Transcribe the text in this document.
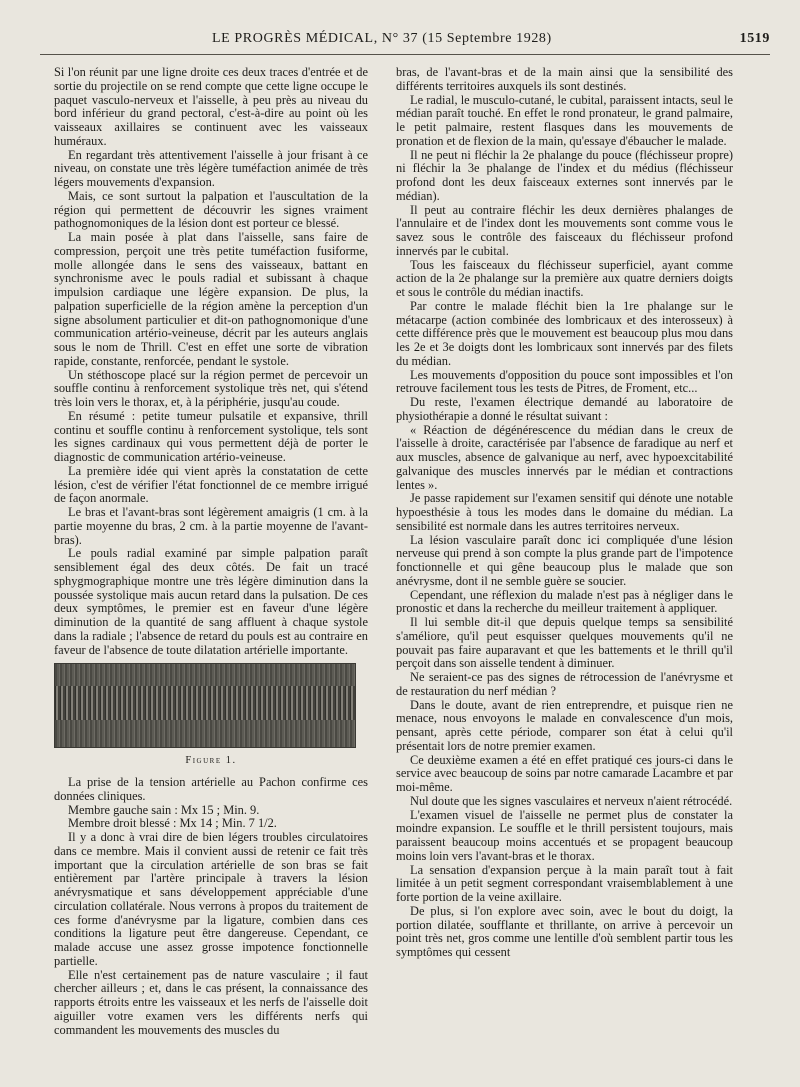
LE PROGRÈS MÉDICAL, N° 37 (15 Septembre 1928)	1519

Si l'on réunit par une ligne droite ces deux traces d'entrée et de sortie du projectile on se rend compte que cette ligne occupe le paquet vasculo-nerveux et l'aisselle, à peu près au niveau du bord inférieur du grand pectoral, c'est-à-dire au point où les vaisseaux axillaires se continuent avec les vaisseaux huméraux.

En regardant très attentivement l'aisselle à jour frisant à ce niveau, on constate une très légère tuméfaction animée de très légers mouvements d'expansion.

Mais, ce sont surtout la palpation et l'auscultation de la région qui permettent de découvrir les signes vraiment pathognomoniques de la lésion dont est porteur ce blessé.

La main posée à plat dans l'aisselle, sans faire de compression, perçoit une très petite tuméfaction fusiforme, molle allongée dans le sens des vaisseaux, battant en synchronisme avec le pouls radial et subissant à chaque impulsion cardiaque une légère expansion. De plus, la palpation superficielle de la région amène la perception d'un signe absolument particulier et dit-on pathognomonique d'une communication artério-veineuse, décrit par les auteurs anglais sous le nom de Thrill. C'est en effet une sorte de vibration rapide, constante, renforcée, pendant le systole.

Un stéthoscope placé sur la région permet de percevoir un souffle continu à renforcement systolique très net, qui s'étend très loin vers le thorax, et, à la périphérie, jusqu'au coude.

En résumé : petite tumeur pulsatile et expansive, thrill continu et souffle continu à renforcement systolique, tels sont les signes cardinaux qui vous permettent déjà de porter le diagnostic de communication artério-veineuse.

La première idée qui vient après la constatation de cette lésion, c'est de vérifier l'état fonctionnel de ce membre irrigué de façon anormale.

Le bras et l'avant-bras sont légèrement amaigris (1 cm. à la partie moyenne du bras, 2 cm. à la partie moyenne de l'avant-bras).

Le pouls radial examiné par simple palpation paraît sensiblement égal des deux côtés. De fait un tracé sphygmographique montre une très légère diminution dans la poussée systolique mais aucun retard dans la pulsation. De ces deux symptômes, le premier est en faveur d'une légère diminution de la quantité de sang affluent à chaque systole dans la radiale ; l'absence de retard du pouls est au contraire en faveur de l'absence de toute dilatation artérielle importante.

Figure 1.

La prise de la tension artérielle au Pachon confirme ces données cliniques.

Membre gauche sain : Mx 15 ; Min. 9.

Membre droit blessé : Mx 14 ; Min. 7 1/2.

Il y a donc à vrai dire de bien légers troubles circulatoires dans ce membre. Mais il convient aussi de retenir ce fait très important que la circulation artérielle de son bras se fait entièrement par l'artère principale à travers la lésion anévrysmatique et sans développement appréciable d'une circulation collatérale. Nous verrons à propos du traitement de ces forme d'anévrysme par la ligature, combien dans ces conditions la ligature peut être dangereuse. Cependant, ce malade accuse une assez grosse impotence fonctionnelle partielle.

Elle n'est certainement pas de nature vasculaire ; il faut chercher ailleurs ; et, dans le cas présent, la connaissance des rapports étroits entre les vaisseaux et les nerfs de l'aisselle doit aiguiller votre examen vers les différents nerfs qui commandent les mouvements des muscles du

bras, de l'avant-bras et de la main ainsi que la sensibilité des différents territoires auxquels ils sont destinés.

Le radial, le musculo-cutané, le cubital, paraissent intacts, seul le médian paraît touché. En effet le rond pronateur, le grand palmaire, le petit palmaire, restent flasques dans les mouvements de pronation et de flexion de la main, qu'essaye d'ébaucher le malade.

Il ne peut ni fléchir la 2e phalange du pouce (fléchisseur propre) ni fléchir la 3e phalange de l'index et du médius (fléchisseur profond dont les deux faisceaux externes sont innervés par le médian).

Il peut au contraire fléchir les deux dernières phalanges de l'annulaire et de l'index dont les mouvements sont comme vous le savez sous le contrôle des faisceaux du fléchisseur profond innervés par le cubital.

Tous les faisceaux du fléchisseur superficiel, ayant comme action de la 2e phalange sur la première aux quatre derniers doigts et sous le contrôle du médian inactifs.

Par contre le malade fléchit bien la 1re phalange sur le métacarpe (action combinée des lombricaux et des interosseux) à cette différence près que le mouvement est beaucoup plus mou dans les 2e et 3e doigts dont les lombricaux sont innervés par des filets du médian.

Les mouvements d'opposition du pouce sont impossibles et l'on retrouve facilement tous les tests de Pitres, de Froment, etc...

Du reste, l'examen électrique demandé au laboratoire de physiothérapie a donné le résultat suivant :

« Réaction de dégénérescence du médian dans le creux de l'aisselle à droite, caractérisée par l'absence de faradique au nerf et aux muscles, absence de galvanique au nerf, avec hypoexcitabilité galvanique des muscles innervés par le médian et contractions lentes ».

Je passe rapidement sur l'examen sensitif qui dénote une notable hypoesthésie à tous les modes dans le domaine du médian. La sensibilité est normale dans les autres territoires nerveux.

La lésion vasculaire paraît donc ici compliquée d'une lésion nerveuse qui prend à son compte la plus grande part de l'impotence fonctionnelle et qui gêne beaucoup plus le malade que son anévrysme, dont il ne semble guère se soucier.

Cependant, une réflexion du malade n'est pas à négliger dans le pronostic et dans la recherche du meilleur traitement à appliquer.

Il lui semble dit-il que depuis quelque temps sa sensibilité s'améliore, qu'il peut esquisser quelques mouvements qu'il ne pouvait pas faire auparavant et que les battements et le thrill qu'il perçoit dans son aisselle tendent à diminuer.

Ne seraient-ce pas des signes de rétrocession de l'anévrysme et de restauration du nerf médian ?

Dans le doute, avant de rien entreprendre, et puisque rien ne menace, nous envoyons le malade en convalescence d'un mois, pensant, après cette période, comparer son état à celui qu'il présentait lors de notre premier examen.

Ce deuxième examen a été en effet pratiqué ces jours-ci dans le service avec beaucoup de soins par notre camarade Lacambre et par moi-même.

Nul doute que les signes vasculaires et nerveux n'aient rétrocédé.

L'examen visuel de l'aisselle ne permet plus de constater la moindre expansion. Le souffle et le thrill persistent toujours, mais paraissent beaucoup moins accentués et se propagent beaucoup moins loin vers l'avant-bras et le thorax.

La sensation d'expansion perçue à la main paraît tout à fait limitée à un petit segment correspondant vraisemblablement à une forte portion de la veine axillaire.

De plus, si l'on explore avec soin, avec le bout du doigt, la portion dilatée, soufflante et thrillante, on arrive à percevoir un point très net, gros comme une lentille d'où semblent partir tous les symptômes qui cessent
